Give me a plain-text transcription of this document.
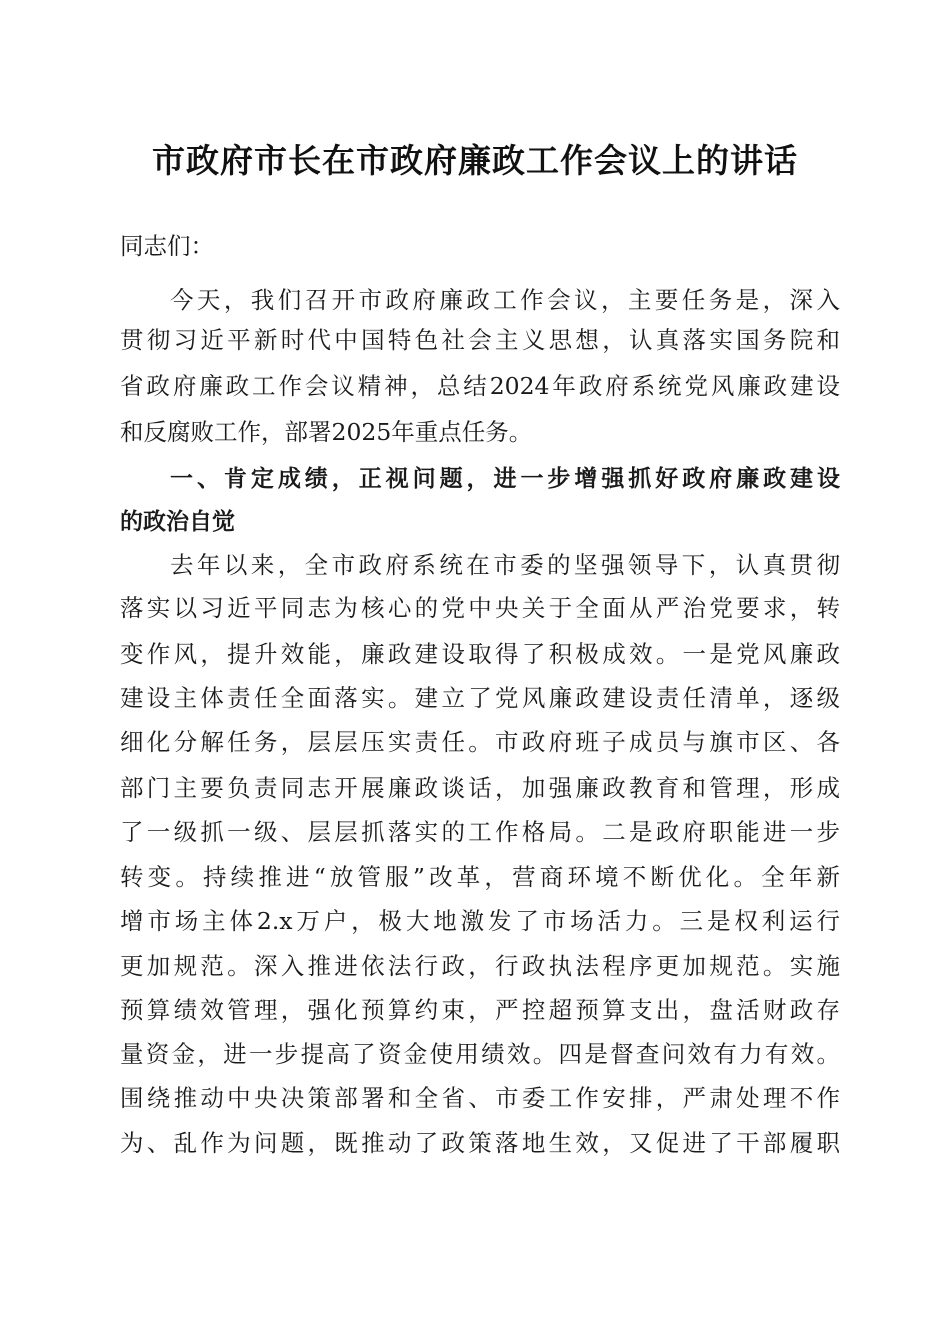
市政府市长在市政府廉政工作会议上的讲话
同志们：
今天，我们召开市政府廉政工作会议，主要任务是，深入
贯彻习近平新时代中国特色社会主义思想，认真落实国务院和
省政府廉政工作会议精神，总结2024年政府系统党风廉政建设
和反腐败工作，部署2025年重点任务。
一、肯定成绩，正视问题，进一步增强抓好政府廉政建设
的政治自觉
去年以来，全市政府系统在市委的坚强领导下，认真贯彻
落实以习近平同志为核心的党中央关于全面从严治党要求，转
变作风，提升效能，廉政建设取得了积极成效。一是党风廉政
建设主体责任全面落实。建立了党风廉政建设责任清单，逐级
细化分解任务，层层压实责任。市政府班子成员与旗市区、各
部门主要负责同志开展廉政谈话，加强廉政教育和管理，形成
了一级抓一级、层层抓落实的工作格局。二是政府职能进一步
转变。持续推进“放管服”改革，营商环境不断优化。全年新
增市场主体2.x万户，极大地激发了市场活力。三是权利运行
更加规范。深入推进依法行政，行政执法程序更加规范。实施
预算绩效管理，强化预算约束，严控超预算支出，盘活财政存
量资金，进一步提高了资金使用绩效。四是督查问效有力有效。
围绕推动中央决策部署和全省、市委工作安排，严肃处理不作
为、乱作为问题，既推动了政策落地生效，又促进了干部履职
